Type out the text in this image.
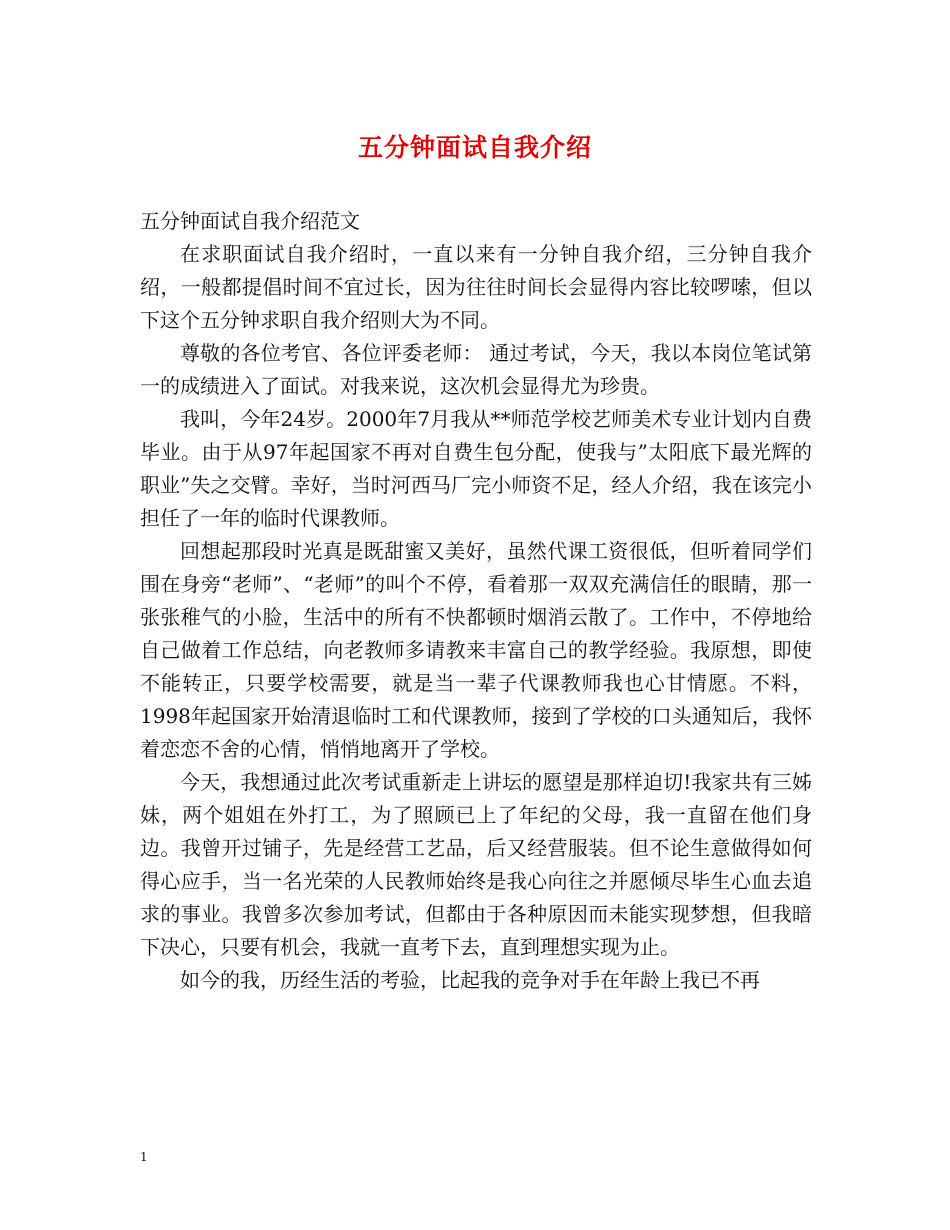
五分钟面试自我介绍
五分钟面试自我介绍范文

在求职面试自我介绍时，一直以来有一分钟自我介绍，三分钟自我介绍，一般都提倡时间不宜过长，因为往往时间长会显得内容比较啰嗦，但以下这个五分钟求职自我介绍则大为不同。

尊敬的各位考官、各位评委老师： 通过考试，今天，我以本岗位笔试第一的成绩进入了面试。对我来说，这次机会显得尤为珍贵。

我叫，今年24岁。2000年7月我从**师范学校艺师美术专业计划内自费毕业。由于从97年起国家不再对自费生包分配，使我与”太阳底下最光辉的职业”失之交臂。幸好，当时河西马厂完小师资不足，经人介绍，我在该完小担任了一年的临时代课教师。

回想起那段时光真是既甜蜜又美好，虽然代课工资很低，但听着同学们围在身旁“老师”、“老师”的叫个不停，看着那一双双充满信任的眼睛，那一张张稚气的小脸，生活中的所有不快都顿时烟消云散了。工作中，不停地给自己做着工作总结，向老教师多请教来丰富自己的教学经验。我原想，即使不能转正，只要学校需要，就是当一辈子代课教师我也心甘情愿。不料，1998年起国家开始清退临时工和代课教师，接到了学校的口头通知后，我怀着恋恋不舍的心情，悄悄地离开了学校。

今天，我想通过此次考试重新走上讲坛的愿望是那样迫切!我家共有三姊妹，两个姐姐在外打工，为了照顾已上了年纪的父母，我一直留在他们身边。我曾开过铺子，先是经营工艺品，后又经营服装。但不论生意做得如何得心应手，当一名光荣的人民教师始终是我心向往之并愿倾尽毕生心血去追求的事业。我曾多次参加考试，但都由于各种原因而未能实现梦想，但我暗下决心，只要有机会，我就一直考下去，直到理想实现为止。

如今的我，历经生活的考验，比起我的竞争对手在年龄上我已不再

1
